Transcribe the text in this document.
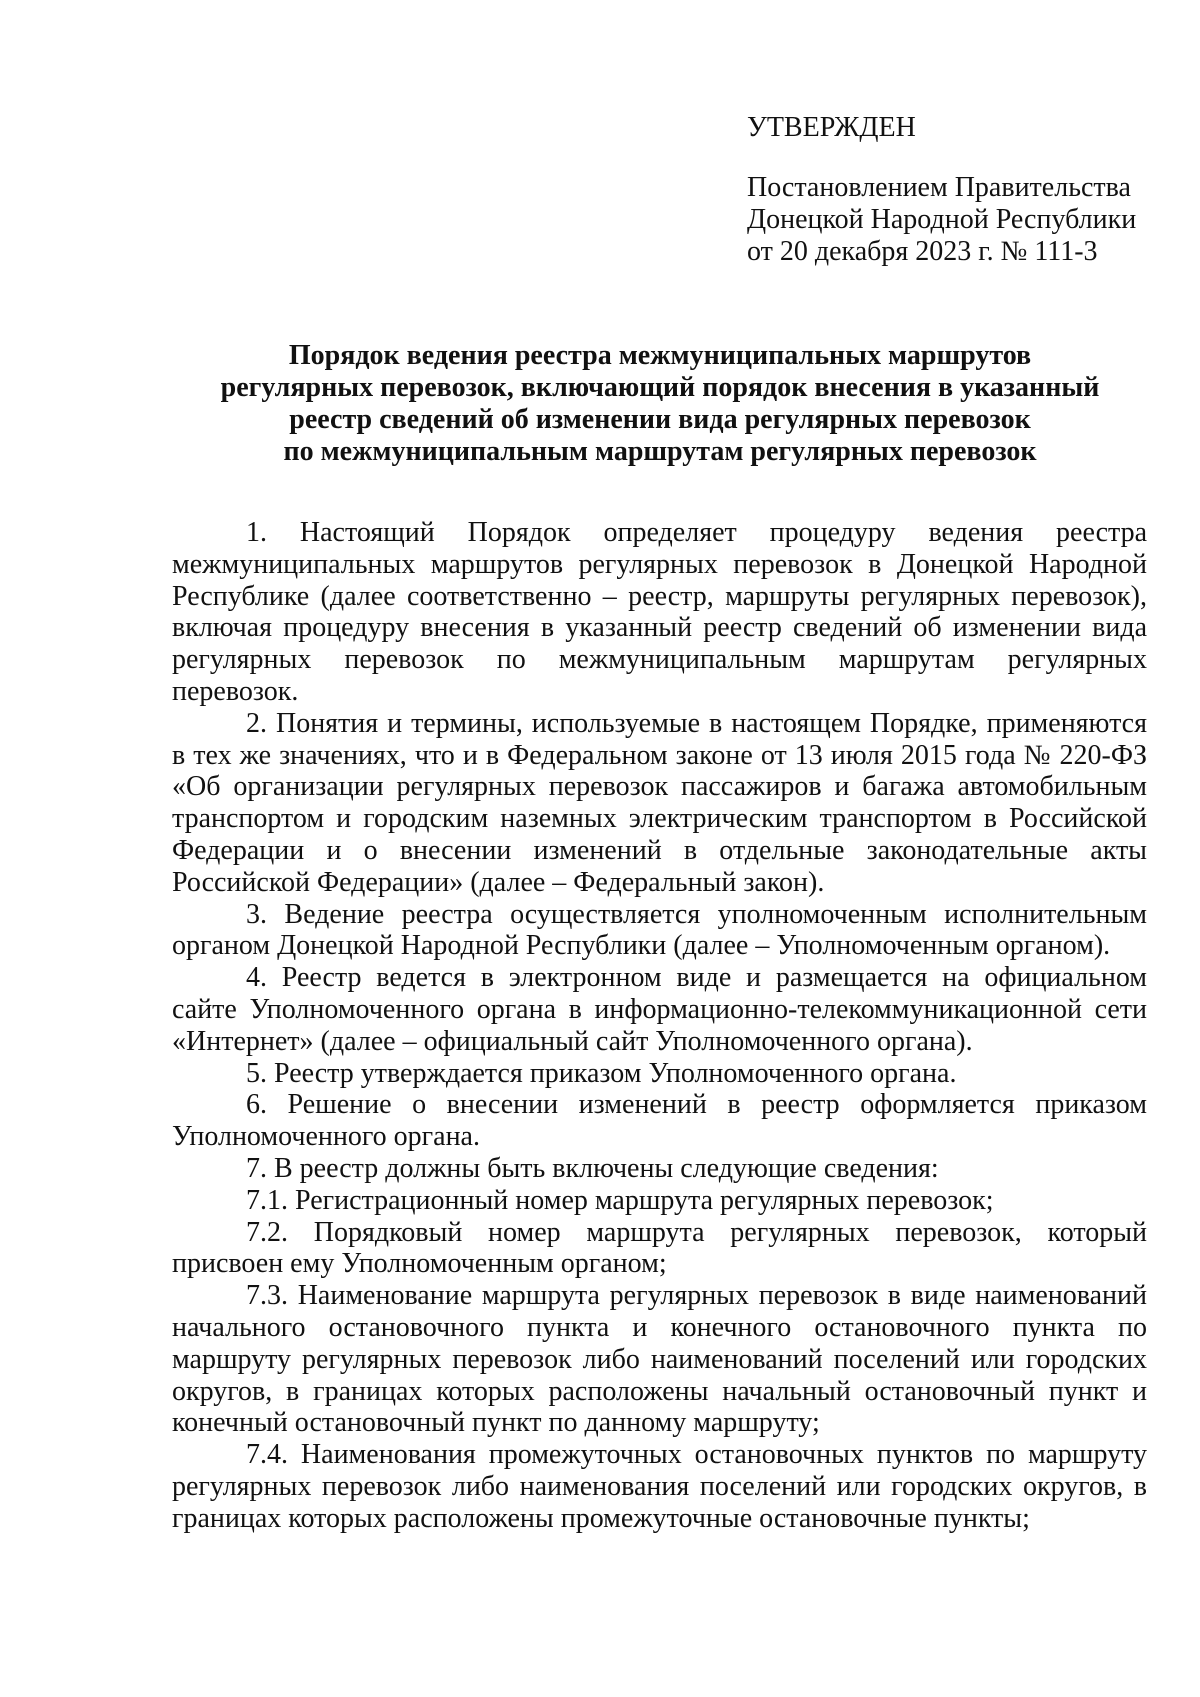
УТВЕРЖДЕН
Постановлением Правительства
Донецкой Народной Республики
от 20 декабря 2023 г. № 111-3
Порядок ведения реестра межмуниципальных маршрутов
регулярных перевозок, включающий порядок внесения в указанный
реестр сведений об изменении вида регулярных перевозок
по межмуниципальным маршрутам регулярных перевозок

1. Настоящий Порядок определяет процедуру ведения реестра межмуниципальных маршрутов регулярных перевозок в Донецкой Народной Республике (далее соответственно – реестр, маршруты регулярных перевозок), включая процедуру внесения в указанный реестр сведений об изменении вида регулярных перевозок по межмуниципальным маршрутам регулярных перевозок.

2. Понятия и термины, используемые в настоящем Порядке, применяются в тех же значениях, что и в Федеральном законе от 13 июля 2015 года № 220-ФЗ «Об организации регулярных перевозок пассажиров и багажа автомобильным транспортом и городским наземных электрическим транспортом в Российской Федерации и о внесении изменений в отдельные законодательные акты Российской Федерации» (далее – Федеральный закон).

3. Ведение реестра осуществляется уполномоченным исполнительным органом Донецкой Народной Республики (далее – Уполномоченным органом).

4. Реестр ведется в электронном виде и размещается на официальном сайте Уполномоченного органа в информационно-телекоммуникационной сети «Интернет» (далее – официальный сайт Уполномоченного органа).

5. Реестр утверждается приказом Уполномоченного органа.

6. Решение о внесении изменений в реестр оформляется приказом Уполномоченного органа.

7. В реестр должны быть включены следующие сведения:

7.1. Регистрационный номер маршрута регулярных перевозок;

7.2. Порядковый номер маршрута регулярных перевозок, который присвоен ему Уполномоченным органом;

7.3. Наименование маршрута регулярных перевозок в виде наименований начального остановочного пункта и конечного остановочного пункта по маршруту регулярных перевозок либо наименований поселений или городских округов, в границах которых расположены начальный остановочный пункт и конечный остановочный пункт по данному маршруту;

7.4. Наименования промежуточных остановочных пунктов по маршруту регулярных перевозок либо наименования поселений или городских округов, в границах которых расположены промежуточные остановочные пункты;
